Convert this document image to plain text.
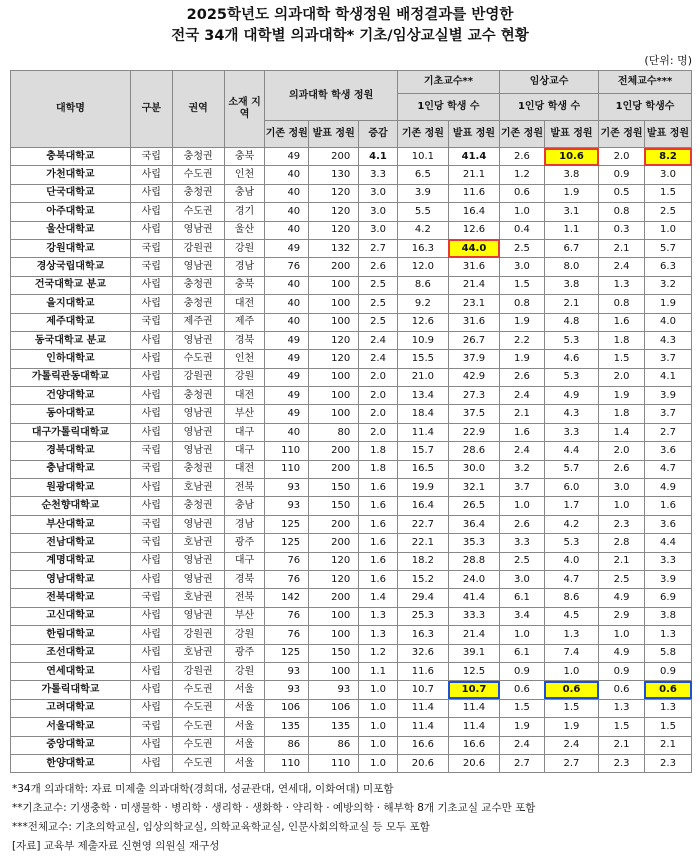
2025학년도 의과대학 학생정원 배정결과를 반영한
전국 34개 대학별 의과대학* 기초/임상교실별 교수 현황
(단위: 명)
대학명	구분	권역	소재 지역	의과대학 학생 정원			기초교수**		임상교수		전체교수***	
							1인당 학생 수		1인당 학생 수		1인당 학생수	
				기존 정원	발표 정원	증감	기존 정원	발표 정원	기존 정원	발표 정원	기존 정원	발표 정원
충북대학교	국립	충청권	충북	49	200	4.1	10.1	41.4	2.6	10.6	2.0	8.2
가천대학교	사립	수도권	인천	40	130	3.3	6.5	21.1	1.2	3.8	0.9	3.0
단국대학교	사립	충청권	충남	40	120	3.0	3.9	11.6	0.6	1.9	0.5	1.5
아주대학교	사립	수도권	경기	40	120	3.0	5.5	16.4	1.0	3.1	0.8	2.5
울산대학교	사립	영남권	울산	40	120	3.0	4.2	12.6	0.4	1.1	0.3	1.0
강원대학교	국립	강원권	강원	49	132	2.7	16.3	44.0	2.5	6.7	2.1	5.7
경상국립대학교	국립	영남권	경남	76	200	2.6	12.0	31.6	3.0	8.0	2.4	6.3
건국대학교 분교	사립	충청권	충북	40	100	2.5	8.6	21.4	1.5	3.8	1.3	3.2
을지대학교	사립	충청권	대전	40	100	2.5	9.2	23.1	0.8	2.1	0.8	1.9
제주대학교	국립	제주권	제주	40	100	2.5	12.6	31.6	1.9	4.8	1.6	4.0
동국대학교 분교	사립	영남권	경북	49	120	2.4	10.9	26.7	2.2	5.3	1.8	4.3
인하대학교	사립	수도권	인천	49	120	2.4	15.5	37.9	1.9	4.6	1.5	3.7
가톨릭관동대학교	사립	강원권	강원	49	100	2.0	21.0	42.9	2.6	5.3	2.0	4.1
건양대학교	사립	충청권	대전	49	100	2.0	13.4	27.3	2.4	4.9	1.9	3.9
동아대학교	사립	영남권	부산	49	100	2.0	18.4	37.5	2.1	4.3	1.8	3.7
대구가톨릭대학교	사립	영남권	대구	40	80	2.0	11.4	22.9	1.6	3.3	1.4	2.7
경북대학교	국립	영남권	대구	110	200	1.8	15.7	28.6	2.4	4.4	2.0	3.6
충남대학교	국립	충청권	대전	110	200	1.8	16.5	30.0	3.2	5.7	2.6	4.7
원광대학교	사립	호남권	전북	93	150	1.6	19.9	32.1	3.7	6.0	3.0	4.9
순천향대학교	사립	충청권	충남	93	150	1.6	16.4	26.5	1.0	1.7	1.0	1.6
부산대학교	국립	영남권	경남	125	200	1.6	22.7	36.4	2.6	4.2	2.3	3.6
전남대학교	국립	호남권	광주	125	200	1.6	22.1	35.3	3.3	5.3	2.8	4.4
계명대학교	사립	영남권	대구	76	120	1.6	18.2	28.8	2.5	4.0	2.1	3.3
영남대학교	사립	영남권	경북	76	120	1.6	15.2	24.0	3.0	4.7	2.5	3.9
전북대학교	국립	호남권	전북	142	200	1.4	29.4	41.4	6.1	8.6	4.9	6.9
고신대학교	사립	영남권	부산	76	100	1.3	25.3	33.3	3.4	4.5	2.9	3.8
한림대학교	사립	강원권	강원	76	100	1.3	16.3	21.4	1.0	1.3	1.0	1.3
조선대학교	사립	호남권	광주	125	150	1.2	32.6	39.1	6.1	7.4	4.9	5.8
연세대학교	사립	강원권	강원	93	100	1.1	11.6	12.5	0.9	1.0	0.9	0.9
가톨릭대학교	사립	수도권	서울	93	93	1.0	10.7	10.7	0.6	0.6	0.6	0.6
고려대학교	사립	수도권	서울	106	106	1.0	11.4	11.4	1.5	1.5	1.3	1.3
서울대학교	국립	수도권	서울	135	135	1.0	11.4	11.4	1.9	1.9	1.5	1.5
중앙대학교	사립	수도권	서울	86	86	1.0	16.6	16.6	2.4	2.4	2.1	2.1
한양대학교	사립	수도권	서울	110	110	1.0	20.6	20.6	2.7	2.7	2.3	2.3
*34개 의과대학: 자료 미제출 의과대학(경희대, 성균관대, 연세대, 이화여대) 미포함
**기초교수: 기생충학 · 미생물학 · 병리학 · 생리학 · 생화학 · 약리학 · 예방의학 · 해부학 8개 기초교실 교수만 포함
***전체교수: 기초의학교실, 임상의학교실, 의학교육학교실, 인문사회의학교실 등 모두 포함
[자료] 교육부 제출자료 신현영 의원실 재구성
